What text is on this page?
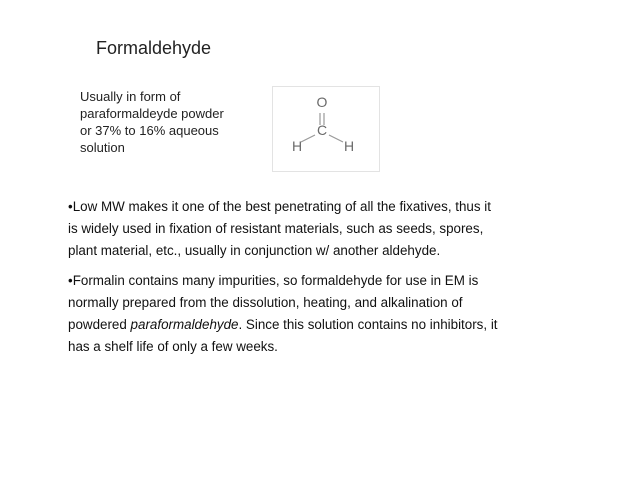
Formaldehyde
Usually in form of
paraformaldeyde powder
or 37% to 16% aqueous
solution
O
C
H	H
•Low MW makes it one of the best penetrating of all the fixatives, thus it
is widely used in fixation of resistant materials, such as seeds, spores,
plant material, etc., usually in conjunction w/ another aldehyde.
•Formalin contains many impurities, so formaldehyde for use in EM is
normally prepared from the dissolution, heating, and alkalination of
powdered paraformaldehyde. Since this solution contains no inhibitors, it
has a shelf life of only a few weeks.
